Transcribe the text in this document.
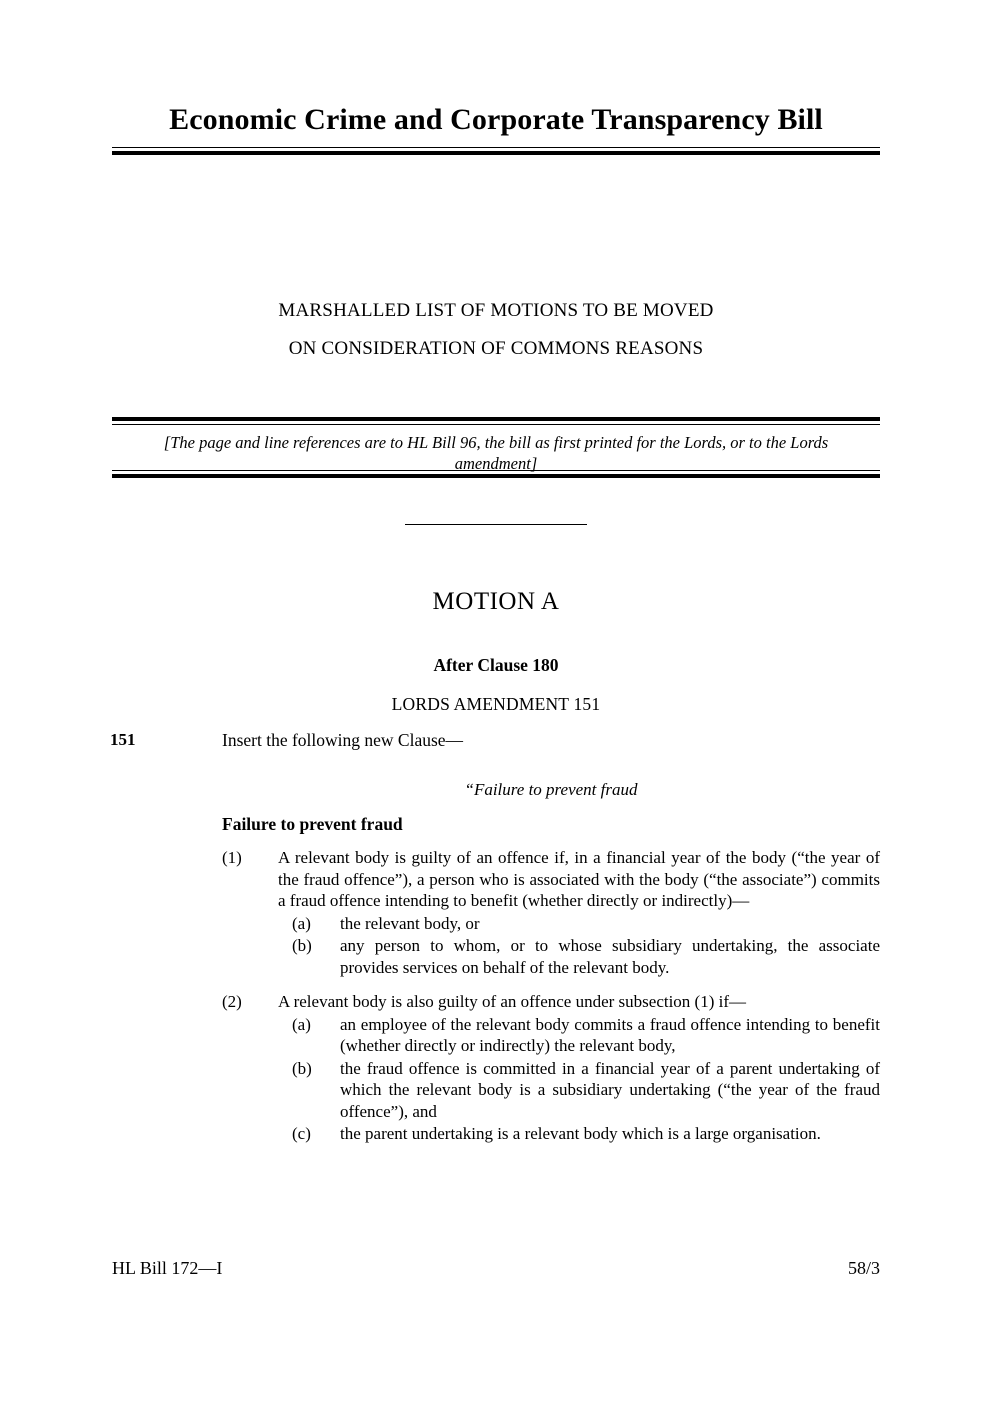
Economic Crime and Corporate Transparency Bill
MARSHALLED LIST OF MOTIONS TO BE MOVED
ON CONSIDERATION OF COMMONS REASONS
[The page and line references are to HL Bill 96, the bill as first printed for the Lords, or to the Lords amendment]
MOTION A
After Clause 180
LORDS AMENDMENT 151
151	Insert the following new Clause—
“Failure to prevent fraud
Failure to prevent fraud
(1)	A relevant body is guilty of an offence if, in a financial year of the body (“the year of the fraud offence”), a person who is associated with the body (“the associate”) commits a fraud offence intending to benefit (whether directly or indirectly)—
(a)	the relevant body, or
(b)	any person to whom, or to whose subsidiary undertaking, the associate provides services on behalf of the relevant body.
(2)	A relevant body is also guilty of an offence under subsection (1) if—
(a)	an employee of the relevant body commits a fraud offence intending to benefit (whether directly or indirectly) the relevant body,
(b)	the fraud offence is committed in a financial year of a parent undertaking of which the relevant body is a subsidiary undertaking (“the year of the fraud offence”), and
(c)	the parent undertaking is a relevant body which is a large organisation.
HL Bill 172—I	58/3
